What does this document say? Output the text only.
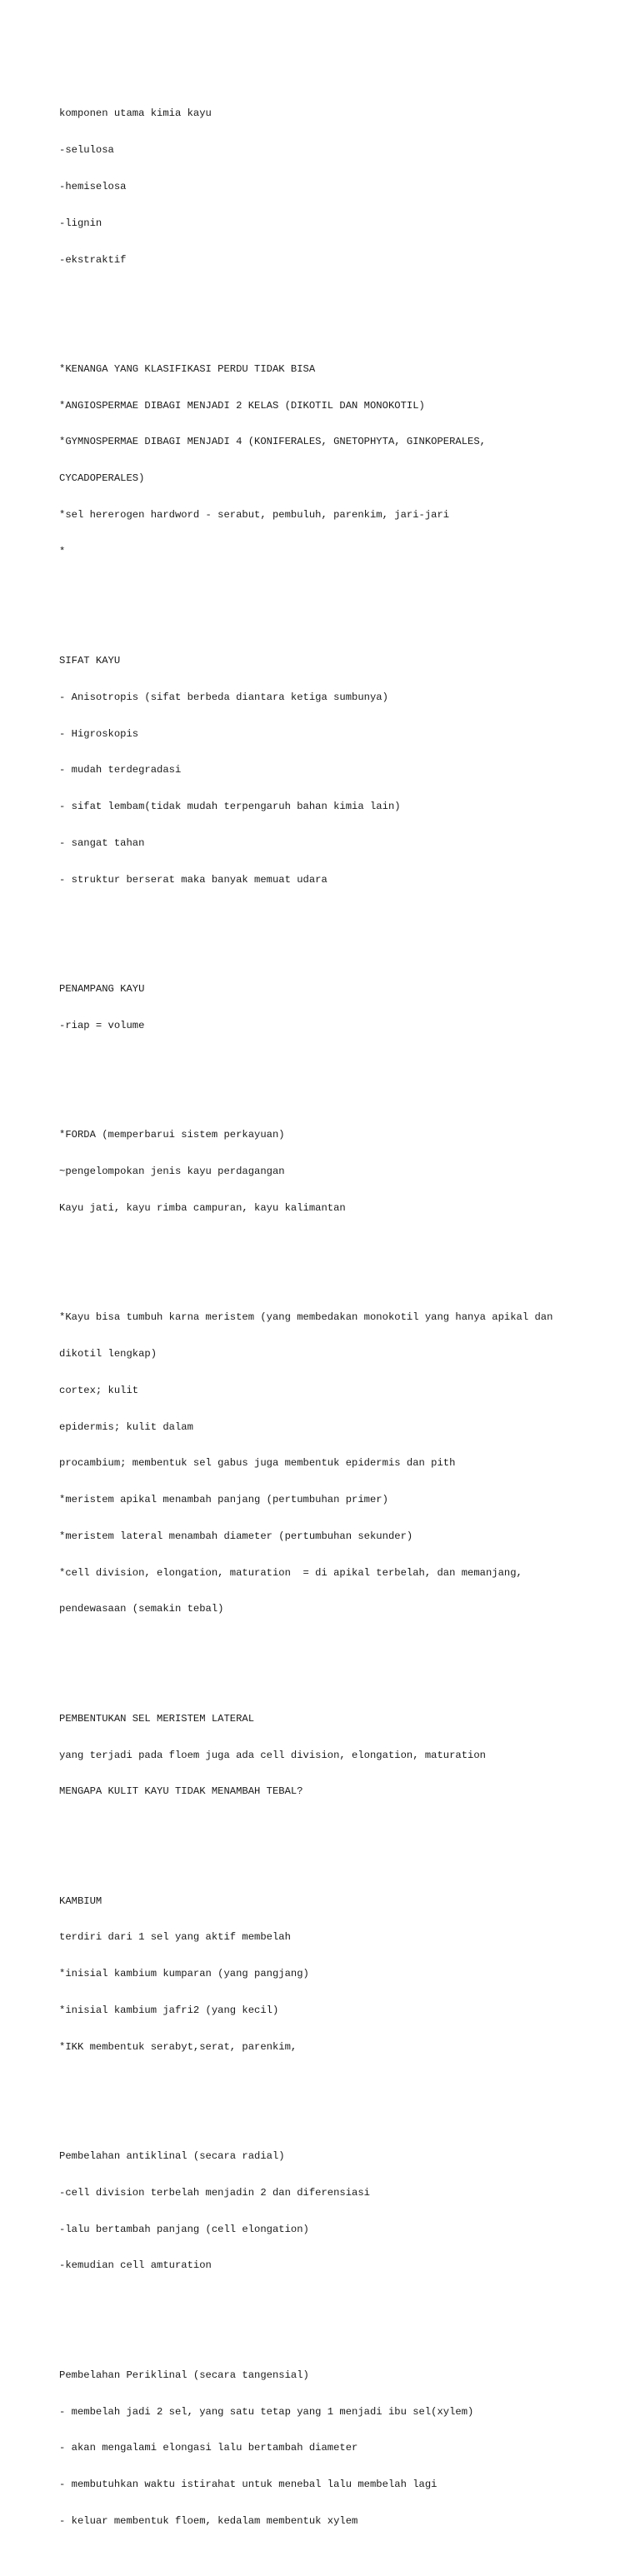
komponen utama kimia kayu

-selulosa

-hemiselosa

-lignin

-ekstraktif

*KENANGA YANG KLASIFIKASI PERDU TIDAK BISA

*ANGIOSPERMAE DIBAGI MENJADI 2 KELAS (DIKOTIL DAN MONOKOTIL)

*GYMNOSPERMAE DIBAGI MENJADI 4 (KONIFERALES, GNETOPHYTA, GINKOPERALES,

CYCADOPERALES)

*sel hererogen hardword - serabut, pembuluh, parenkim, jari-jari

*

SIFAT KAYU

- Anisotropis (sifat berbeda diantara ketiga sumbunya)

- Higroskopis

- mudah terdegradasi

- sifat lembam(tidak mudah terpengaruh bahan kimia lain)

- sangat tahan

- struktur berserat maka banyak memuat udara

PENAMPANG KAYU

-riap = volume

*FORDA (memperbarui sistem perkayuan)

~pengelompokan jenis kayu perdagangan

Kayu jati, kayu rimba campuran, kayu kalimantan

*Kayu bisa tumbuh karna meristem (yang membedakan monokotil yang hanya apikal dan

dikotil lengkap)

cortex; kulit

epidermis; kulit dalam

procambium; membentuk sel gabus juga membentuk epidermis dan pith

*meristem apikal menambah panjang (pertumbuhan primer)

*meristem lateral menambah diameter (pertumbuhan sekunder)

*cell division, elongation, maturation  = di apikal terbelah, dan memanjang,

pendewasaan (semakin tebal)

PEMBENTUKAN SEL MERISTEM LATERAL

yang terjadi pada floem juga ada cell division, elongation, maturation

MENGAPA KULIT KAYU TIDAK MENAMBAH TEBAL?

KAMBIUM

terdiri dari 1 sel yang aktif membelah

*inisial kambium kumparan (yang pangjang)

*inisial kambium jafri2 (yang kecil)

*IKK membentuk serabyt,serat, parenkim,

Pembelahan antiklinal (secara radial)

-cell division terbelah menjadin 2 dan diferensiasi

-lalu bertambah panjang (cell elongation)

-kemudian cell amturation

Pembelahan Periklinal (secara tangensial)

- membelah jadi 2 sel, yang satu tetap yang 1 menjadi ibu sel(xylem)

- akan mengalami elongasi lalu bertambah diameter

- membutuhkan waktu istirahat untuk menebal lalu membelah lagi

- keluar membentuk floem, kedalam membentuk xylem
